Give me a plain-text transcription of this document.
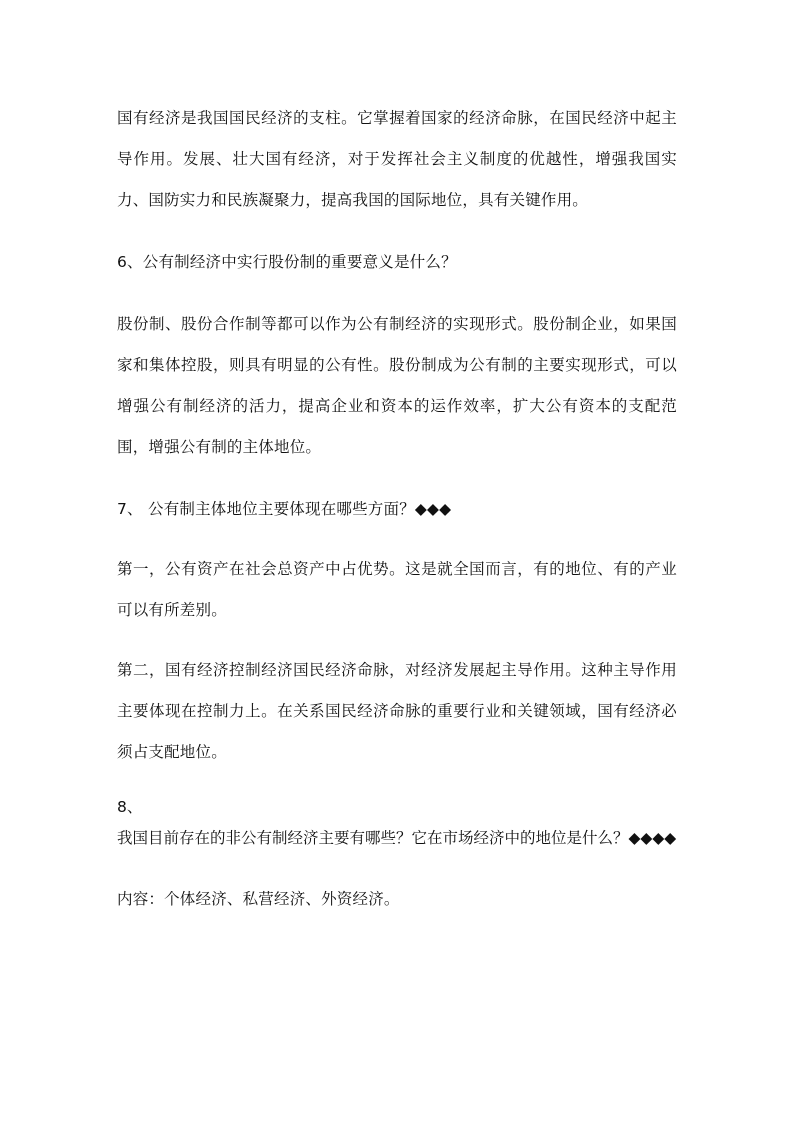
国有经济是我国国民经济的支柱。它掌握着国家的经济命脉，在国民经济中起主导作用。发展、壮大国有经济，对于发挥社会主义制度的优越性，增强我国实力、国防实力和民族凝聚力，提高我国的国际地位，具有关键作用。

6、公有制经济中实行股份制的重要意义是什么？

股份制、股份合作制等都可以作为公有制经济的实现形式。股份制企业，如果国家和集体控股，则具有明显的公有性。股份制成为公有制的主要实现形式，可以增强公有制经济的活力，提高企业和资本的运作效率，扩大公有资本的支配范围，增强公有制的主体地位。

7、 公有制主体地位主要体现在哪些方面？◆◆◆

第一，公有资产在社会总资产中占优势。这是就全国而言，有的地位、有的产业可以有所差别。

第二，国有经济控制经济国民经济命脉，对经济发展起主导作用。这种主导作用主要体现在控制力上。在关系国民经济命脉的重要行业和关键领域，国有经济必须占支配地位。

8、

我国目前存在的非公有制经济主要有哪些？它在市场经济中的地位是什么？◆◆◆◆

内容：个体经济、私营经济、外资经济。
